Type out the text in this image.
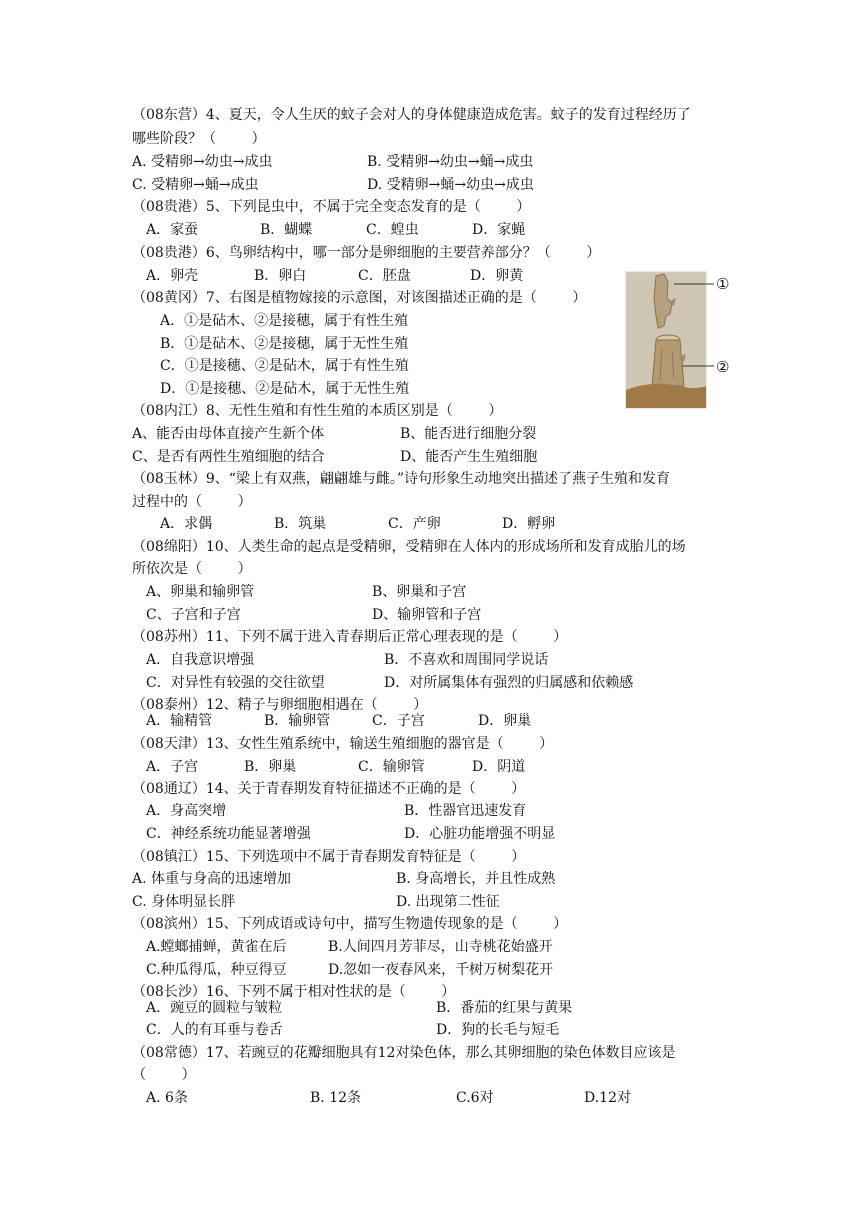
（08东营）4、夏天，令人生厌的蚊子会对人的身体健康造成危害。蚊子的发育过程经历了
哪些阶段？（        ）
A. 受精卵→幼虫→成虫	B. 受精卵→幼虫→蛹→成虫
C. 受精卵→蛹→成虫	D. 受精卵→蛹→幼虫→成虫
（08贵港）5、下列昆虫中，不属于完全变态发育的是（        ）
A．家蚕	B．蝴蝶	C．蝗虫	D．家蝇
（08贵港）6、鸟卵结构中，哪一部分是卵细胞的主要营养部分？（        ）
A．卵壳	B．卵白	C．胚盘	D．卵黄
（08黄冈）7、右图是植物嫁接的示意图，对该图描述正确的是（        ）
A．①是砧木、②是接穗，属于有性生殖
B．①是砧木、②是接穗，属于无性生殖
C．①是接穗、②是砧木，属于有性生殖
D．①是接穗、②是砧木，属于无性生殖
①
②
（08内江）8、无性生殖和有性生殖的本质区别是（        ）
A、能否由母体直接产生新个体	B、能否进行细胞分裂
C、是否有两性生殖细胞的结合	D、能否产生生殖细胞
（08玉林）9、“梁上有双燕，翩翩雄与雌。”诗句形象生动地突出描述了燕子生殖和发育
过程中的（        ）
A．求偶	B．筑巢	C．产卵	D．孵卵
（08绵阳）10、人类生命的起点是受精卵，受精卵在人体内的形成场所和发育成胎儿的场
所依次是（        ）
A、卵巢和输卵管	B、卵巢和子宫
C、子宫和子宫	D、输卵管和子宫
（08苏州）11、下列不属于进入青春期后正常心理表现的是（        ）
A．自我意识增强	B．不喜欢和周围同学说话
C．对异性有较强的交往欲望	D．对所属集体有强烈的归属感和依赖感
（08泰州）12、精子与卵细胞相遇在（        ）
A．输精管	B．输卵管	C．子宫	D．卵巢
（08天津）13、女性生殖系统中，输送生殖细胞的器官是（        ）
A．子宫	B．卵巢	C．输卵管	D．阴道
（08通辽）14、关于青春期发育特征描述不正确的是（        ）
A．身高突增	B．性器官迅速发育
C．神经系统功能显著增强	D．心脏功能增强不明显
（08镇江）15、下列选项中不属于青春期发育特征是（        ）
A. 体重与身高的迅速增加	B. 身高增长，并且性成熟
C. 身体明显长胖	D. 出现第二性征
（08滨州）15、下列成语或诗句中，描写生物遗传现象的是（        ）
A.螳螂捕蝉，黄雀在后	B.人间四月芳菲尽，山寺桃花始盛开
C.种瓜得瓜，种豆得豆	D.忽如一夜春风来，千树万树梨花开
（08长沙）16、下列不属于相对性状的是（        ）
A．豌豆的圆粒与皱粒	B．番茄的红果与黄果
C．人的有耳垂与卷舌	D．狗的长毛与短毛
（08常德）17、若豌豆的花瓣细胞具有12对染色体，那么其卵细胞的染色体数目应该是
（        ）
A. 6条	B. 12条	C.6对	D.12对
